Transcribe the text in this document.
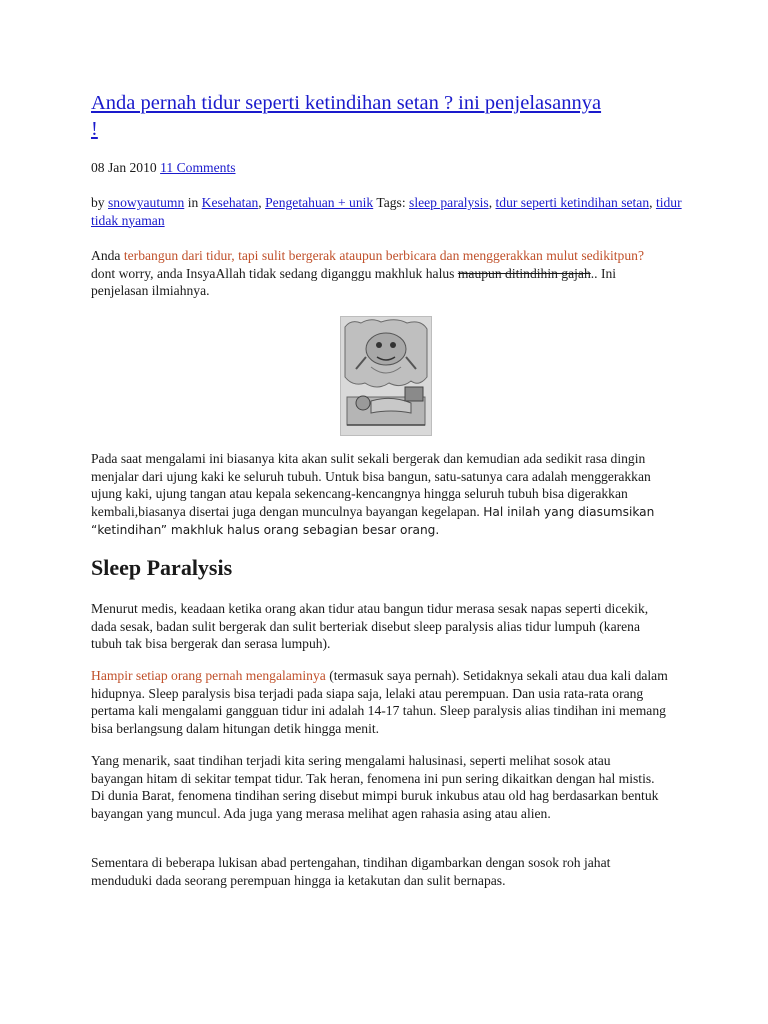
Anda pernah tidur seperti ketindihan setan ? ini penjelasannya !

08 Jan 2010 11 Comments

by snowyautumn in Kesehatan, Pengetahuan + unik Tags: sleep paralysis, tdur seperti ketindihan setan, tidur tidak nyaman

Anda terbangun dari tidur, tapi sulit bergerak ataupun berbicara dan menggerakkan mulut sedikitpun? dont worry, anda InsyaAllah tidak sedang diganggu makhluk halus maupun ditindihin gajah.. Ini penjelasan ilmiahnya.

Pada saat mengalami ini biasanya kita akan sulit sekali bergerak dan kemudian ada sedikit rasa dingin menjalar dari ujung kaki ke seluruh tubuh. Untuk bisa bangun, satu-satunya cara adalah menggerakkan ujung kaki, ujung tangan atau kepala sekencang-kencangnya hingga seluruh tubuh bisa digerakkan kembali,biasanya disertai juga dengan munculnya bayangan kegelapan. Hal inilah yang diasumsikan “ketindihan” makhluk halus orang sebagian besar orang.

Sleep Paralysis

Menurut medis, keadaan ketika orang akan tidur atau bangun tidur merasa sesak napas seperti dicekik, dada sesak, badan sulit bergerak dan sulit berteriak disebut sleep paralysis alias tidur lumpuh (karena tubuh tak bisa bergerak dan serasa lumpuh).

Hampir setiap orang pernah mengalaminya (termasuk saya pernah). Setidaknya sekali atau dua kali dalam hidupnya. Sleep paralysis bisa terjadi pada siapa saja, lelaki atau perempuan. Dan usia rata-rata orang pertama kali mengalami gangguan tidur ini adalah 14-17 tahun. Sleep paralysis alias tindihan ini memang bisa berlangsung dalam hitungan detik hingga menit.

Yang menarik, saat tindihan terjadi kita sering mengalami halusinasi, seperti melihat sosok atau bayangan hitam di sekitar tempat tidur. Tak heran, fenomena ini pun sering dikaitkan dengan hal mistis. Di dunia Barat, fenomena tindihan sering disebut mimpi buruk inkubus atau old hag berdasarkan bentuk bayangan yang muncul. Ada juga yang merasa melihat agen rahasia asing atau alien.

Sementara di beberapa lukisan abad pertengahan, tindihan digambarkan dengan sosok roh jahat menduduki dada seorang perempuan hingga ia ketakutan dan sulit bernapas.
